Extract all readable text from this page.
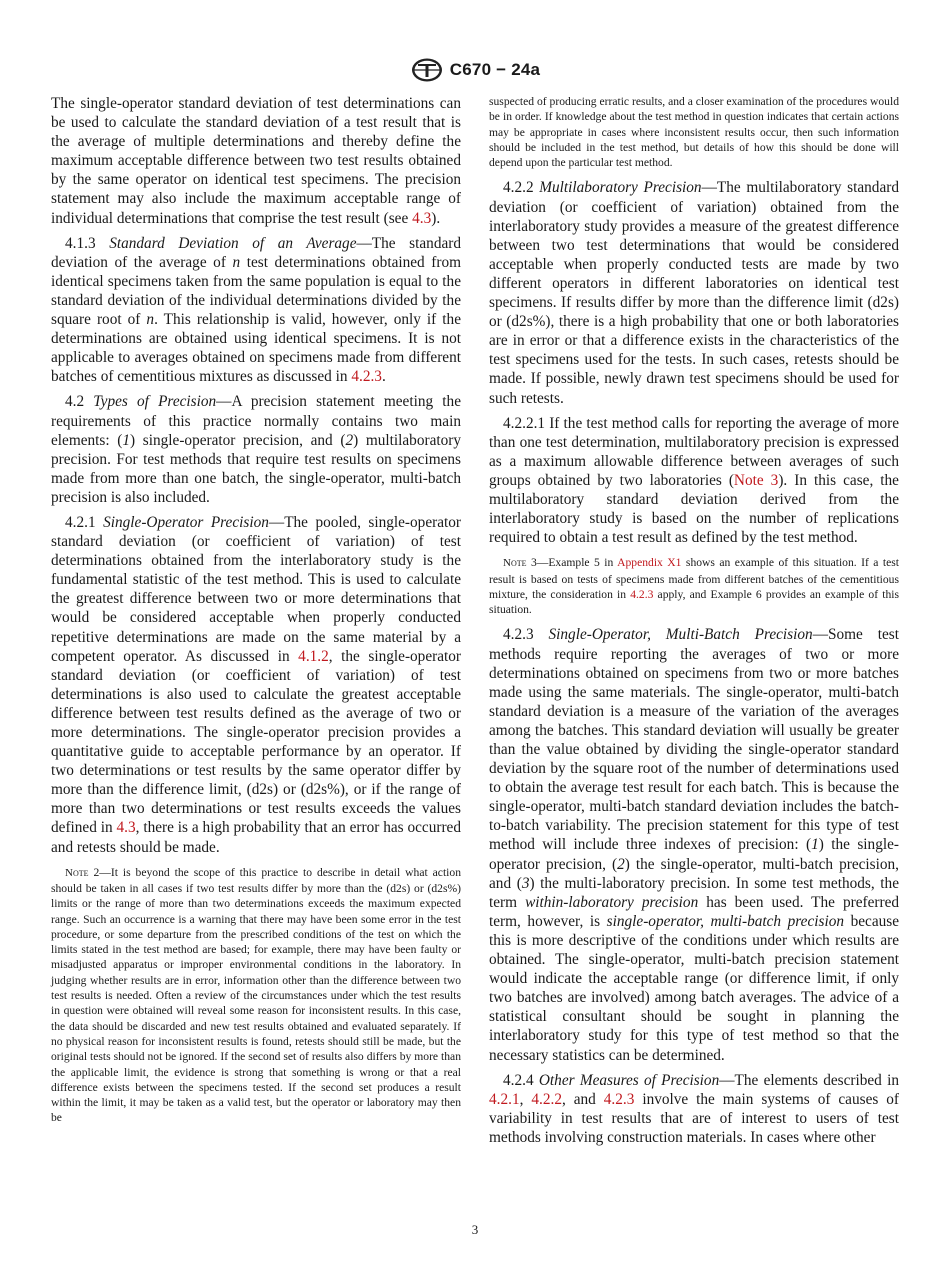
C670 − 24a

The single-operator standard deviation of test determinations can be used to calculate the standard deviation of a test result that is the average of multiple determinations and thereby define the maximum acceptable difference between two test results obtained by the same operator on identical test specimens. The precision statement may also include the maximum acceptable range of individual determinations that comprise the test result (see 4.3).

4.1.3 Standard Deviation of an Average—The standard deviation of the average of n test determinations obtained from identical specimens taken from the same population is equal to the standard deviation of the individual determinations divided by the square root of n. This relationship is valid, however, only if the determinations are obtained using identical specimens. It is not applicable to averages obtained on specimens made from different batches of cementitious mixtures as discussed in 4.2.3.

4.2 Types of Precision—A precision statement meeting the requirements of this practice normally contains two main elements: (1) single-operator precision, and (2) multilaboratory precision. For test methods that require test results on specimens made from more than one batch, the single-operator, multi-batch precision is also included.

4.2.1 Single-Operator Precision—The pooled, single-operator standard deviation (or coefficient of variation) of test determinations obtained from the interlaboratory study is the fundamental statistic of the test method. This is used to calculate the greatest difference between two or more determinations that would be considered acceptable when properly conducted repetitive determinations are made on the same material by a competent operator. As discussed in 4.1.2, the single-operator standard deviation (or coefficient of variation) of test determinations is also used to calculate the greatest acceptable difference between test results defined as the average of two or more determinations. The single-operator precision provides a quantitative guide to acceptable performance by an operator. If two determinations or test results by the same operator differ by more than the difference limit, (d2s) or (d2s%), or if the range of more than two determinations or test results exceeds the values defined in 4.3, there is a high probability that an error has occurred and retests should be made.

Note 2—It is beyond the scope of this practice to describe in detail what action should be taken in all cases if two test results differ by more than the (d2s) or (d2s%) limits or the range of more than two determinations exceeds the maximum expected range. Such an occurrence is a warning that there may have been some error in the test procedure, or some departure from the prescribed conditions of the test on which the limits stated in the test method are based; for example, there may have been faulty or misadjusted apparatus or improper environmental conditions in the laboratory. In judging whether results are in error, information other than the difference between two test results is needed. Often a review of the circumstances under which the test results in question were obtained will reveal some reason for inconsistent results. In this case, the data should be discarded and new test results obtained and evaluated separately. If no physical reason for inconsistent results is found, retests should still be made, but the original tests should not be ignored. If the second set of results also differs by more than the applicable limit, the evidence is strong that something is wrong or that a real difference exists between the specimens tested. If the second set produces a result within the limit, it may be taken as a valid test, but the operator or laboratory may then be

suspected of producing erratic results, and a closer examination of the procedures would be in order. If knowledge about the test method in question indicates that certain actions may be appropriate in cases where inconsistent results occur, then such information should be included in the test method, but details of how this should be done will depend upon the particular test method.

4.2.2 Multilaboratory Precision—The multilaboratory standard deviation (or coefficient of variation) obtained from the interlaboratory study provides a measure of the greatest difference between two test determinations that would be considered acceptable when properly conducted tests are made by two different operators in different laboratories on identical test specimens. If results differ by more than the difference limit (d2s) or (d2s%), there is a high probability that one or both laboratories are in error or that a difference exists in the characteristics of the test specimens used for the tests. In such cases, retests should be made. If possible, newly drawn test specimens should be used for such retests.

4.2.2.1 If the test method calls for reporting the average of more than one test determination, multilaboratory precision is expressed as a maximum allowable difference between averages of such groups obtained by two laboratories (Note 3). In this case, the multilaboratory standard deviation derived from the interlaboratory study is based on the number of replications required to obtain a test result as defined by the test method.

Note 3—Example 5 in Appendix X1 shows an example of this situation. If a test result is based on tests of specimens made from different batches of the cementitious mixture, the consideration in 4.2.3 apply, and Example 6 provides an example of this situation.

4.2.3 Single-Operator, Multi-Batch Precision—Some test methods require reporting the averages of two or more determinations obtained on specimens from two or more batches made using the same materials. The single-operator, multi-batch standard deviation is a measure of the variation of the averages among the batches. This standard deviation will usually be greater than the value obtained by dividing the single-operator standard deviation by the square root of the number of determinations used to obtain the average test result for each batch. This is because the single-operator, multi-batch standard deviation includes the batch-to-batch variability. The precision statement for this type of test method will include three indexes of precision: (1) the single-operator precision, (2) the single-operator, multi-batch precision, and (3) the multi-laboratory precision. In some test methods, the term within-laboratory precision has been used. The preferred term, however, is single-operator, multi-batch precision because this is more descriptive of the conditions under which results are obtained. The single-operator, multi-batch precision statement would indicate the acceptable range (or difference limit, if only two batches are involved) among batch averages. The advice of a statistical consultant should be sought in planning the interlaboratory study for this type of test method so that the necessary statistics can be determined.

4.2.4 Other Measures of Precision—The elements described in 4.2.1, 4.2.2, and 4.2.3 involve the main systems of causes of variability in test results that are of interest to users of test methods involving construction materials. In cases where other

3
